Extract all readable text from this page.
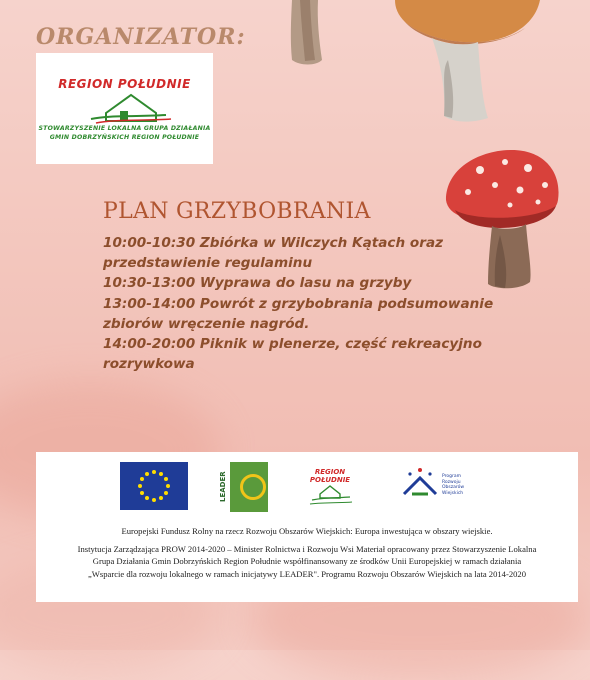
ORGANIZATOR:
REGION POŁUDNIE
STOWARZYSZENIE LOKALNA GRUPA DZIAŁANIA
GMIN DOBRZYŃSKICH REGION POŁUDNIE
PLAN GRZYBOBRANIA
10:00-10:30 Zbiórka w Wilczych Kątach oraz
przedstawienie regulaminu
10:30-13:00 Wyprawa do lasu na grzyby
13:00-14:00 Powrót z grzybobrania podsumowanie
zbiorów wręczenie nagród.
14:00-20:00 Piknik w plenerze, część rekreacyjno
rozrywkowa
LEADER	REGION POŁUDNIE	Program Rozwoju Obszarów Wiejskich
Europejski Fundusz Rolny na rzecz Rozwoju Obszarów Wiejskich: Europa inwestująca w obszary wiejskie.
Instytucja Zarządzająca PROW 2014-2020 – Minister Rolnictwa i Rozwoju Wsi Materiał opracowany przez Stowarzyszenie Lokalna Grupa Działania Gmin Dobrzyńskich Region Południe współfinansowany ze środków Unii Europejskiej w ramach działania „Wsparcie dla rozwoju lokalnego w ramach inicjatywy LEADER". Programu Rozwoju Obszarów Wiejskich na lata 2014-2020
